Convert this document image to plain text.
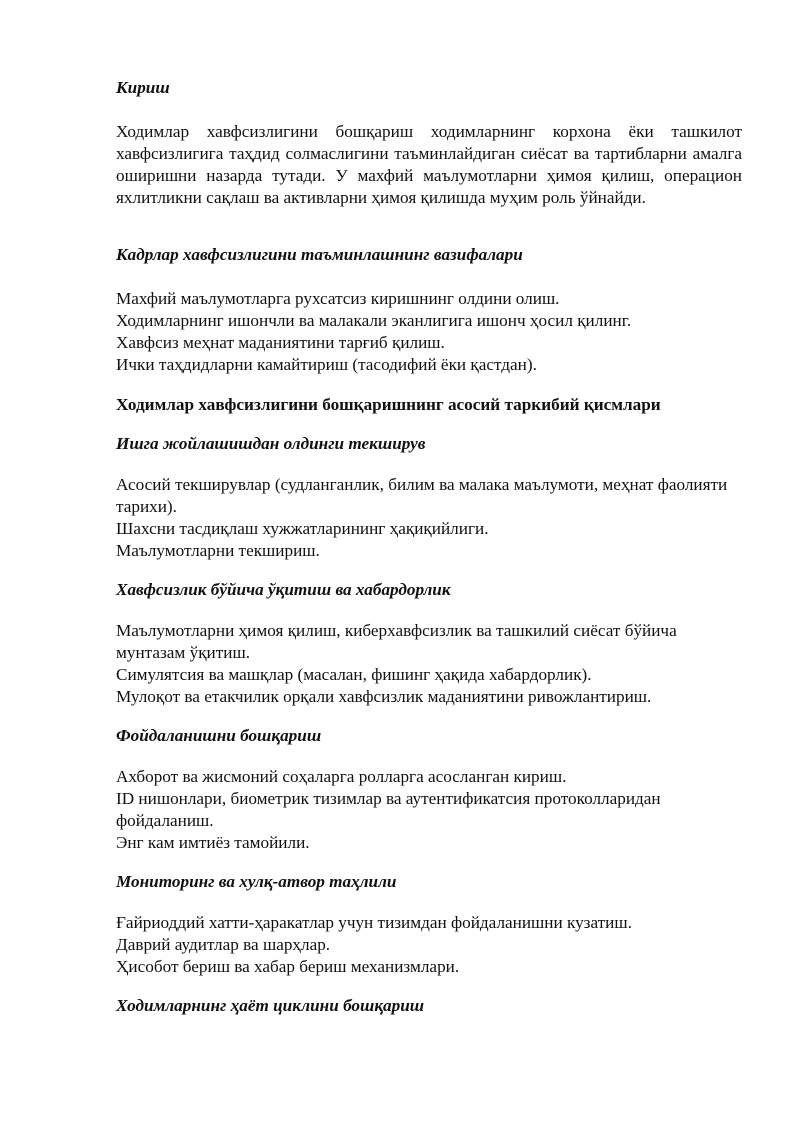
Кириш

Ходимлар хавфсизлигини бошқариш ходимларнинг корхона ёки ташкилот хавфсизлигига таҳдид солмаслигини таъминлайдиган сиёсат ва тартибларни амалга оширишни назарда тутади. У махфий маълумотларни ҳимоя қилиш, операцион яхлитликни сақлаш ва активларни ҳимоя қилишда муҳим роль ўйнайди.

Кадрлар хавфсизлигини таъминлашнинг вазифалари

Махфий маълумотларга рухсатсиз киришнинг олдини олиш.

Ходимларнинг ишончли ва малакали эканлигига ишонч ҳосил қилинг.

Хавфсиз меҳнат маданиятини тарғиб қилиш.

Ички таҳдидларни камайтириш (тасодифий ёки қастдан).

Ходимлар хавфсизлигини бошқаришнинг асосий таркибий қисмлари
Ишга жойлашишдан олдинги текширув

Асосий текширувлар (судланганлик, билим ва малака маълумоти, меҳнат фаолияти тарихи).

Шахсни тасдиқлаш хужжатларининг ҳақиқийлиги.

Маълумотларни текшириш.

Хавфсизлик бўйича ўқитиш ва хабардорлик

Маълумотларни ҳимоя қилиш, киберхавфсизлик ва ташкилий сиёсат бўйича мунтазам ўқитиш.

Симулятсия ва машқлар (масалан, фишинг ҳақида хабардорлик).

Мулоқот ва етакчилик орқали хавфсизлик маданиятини ривожлантириш.

Фойдаланишни бошқариш

Ахборот ва жисмоний соҳаларга ролларга асосланган кириш.

ID нишонлари, биометрик тизимлар ва аутентификатсия протоколларидан фойдаланиш.

Энг кам имтиёз тамойили.

Мониторинг ва хулқ-атвор таҳлили

Ғайриоддий хатти-ҳаракатлар учун тизимдан фойдаланишни кузатиш.

Даврий аудитлар ва шарҳлар.

Ҳисобот бериш ва хабар бериш механизмлари.

Ходимларнинг ҳаёт циклини бошқариш
